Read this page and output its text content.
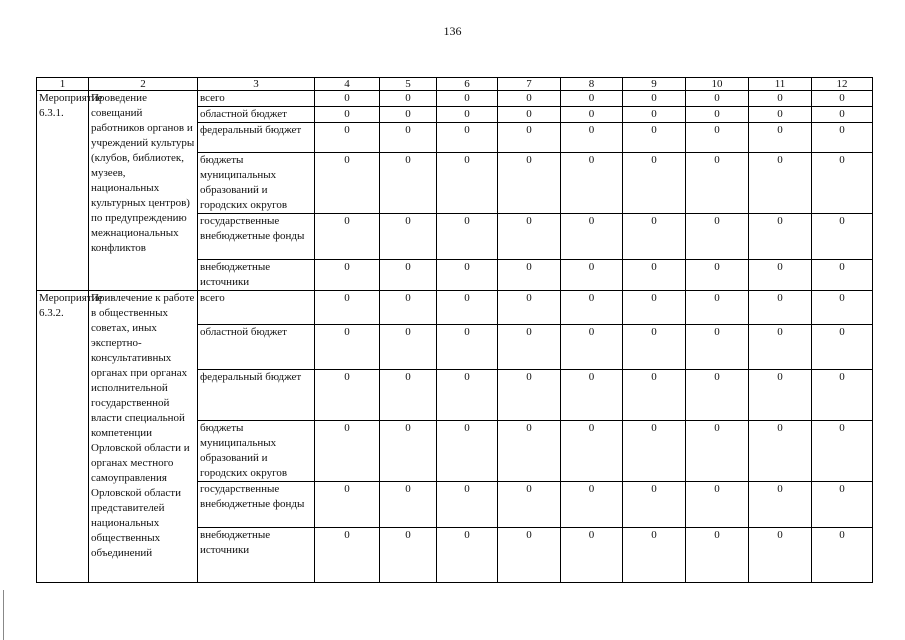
136
1	2	3	4	5	6	7	8	9	10	11	12
Мероприятие 6.3.1.	Проведение совещаний работников органов и учреждений культуры (клубов, библиотек, музеев, национальных культурных центров) по предупреждению межнациональных конфликтов	всего	0	0	0	0	0	0	0	0	0
		областной бюджет	0	0	0	0	0	0	0	0	0
		федеральный бюджет	0	0	0	0	0	0	0	0	0
		бюджеты муниципальных образований и городских округов	0	0	0	0	0	0	0	0	0
		государственные внебюджетные фонды	0	0	0	0	0	0	0	0	0
		внебюджетные источники	0	0	0	0	0	0	0	0	0
Мероприятие 6.3.2.	Привлечение к работе в общественных советах, иных экспертно-консультативных органах при органах исполнительной государственной власти специальной компетенции Орловской области и органах местного самоуправления Орловской области представителей национальных общественных объединений	всего	0	0	0	0	0	0	0	0	0
		областной бюджет	0	0	0	0	0	0	0	0	0
		федеральный бюджет	0	0	0	0	0	0	0	0	0
		бюджеты муниципальных образований и городских округов	0	0	0	0	0	0	0	0	0
		государственные внебюджетные фонды	0	0	0	0	0	0	0	0	0
		внебюджетные источники	0	0	0	0	0	0	0	0	0
